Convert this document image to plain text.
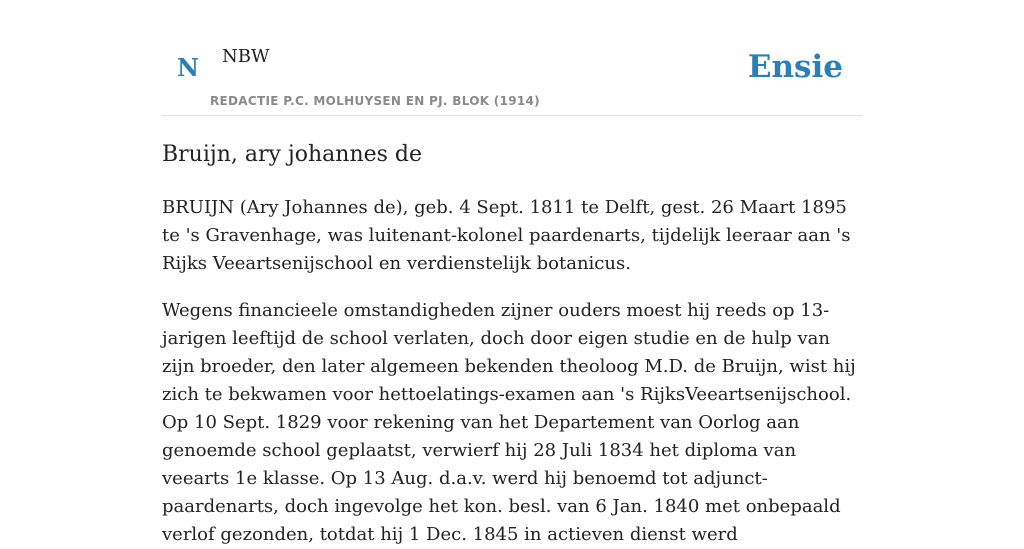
N NBW
REDACTIE P.C. MOLHUYSEN EN PJ. BLOK (1914)
Ensie
Bruijn, ary johannes de

BRUIJN (Ary Johannes de), geb. 4 Sept. 1811 te Delft, gest. 26 Maart 1895 te 's Gravenhage, was luitenant-kolonel paardenarts, tijdelijk leeraar aan 's Rijks Veeartsenijschool en verdienstelijk botanicus.

Wegens financieele omstandigheden zijner ouders moest hij reeds op 13-jarigen leeftijd de school verlaten, doch door eigen studie en de hulp van zijn broeder, den later algemeen bekenden theoloog M.D. de Bruijn, wist hij zich te bekwamen voor hettoelatings-examen aan 's RijksVeeartsenijschool. Op 10 Sept. 1829 voor rekening van het Departement van Oorlog aan genoemde school geplaatst, verwierf hij 28 Juli 1834 het diploma van veearts 1e klasse. Op 13 Aug. d.a.v. werd hij benoemd tot adjunct-paardenarts, doch ingevolge het kon. besl. van 6 Jan. 1840 met onbepaald verlof gezonden, totdat hij 1 Dec. 1845 in actieven dienst werd
